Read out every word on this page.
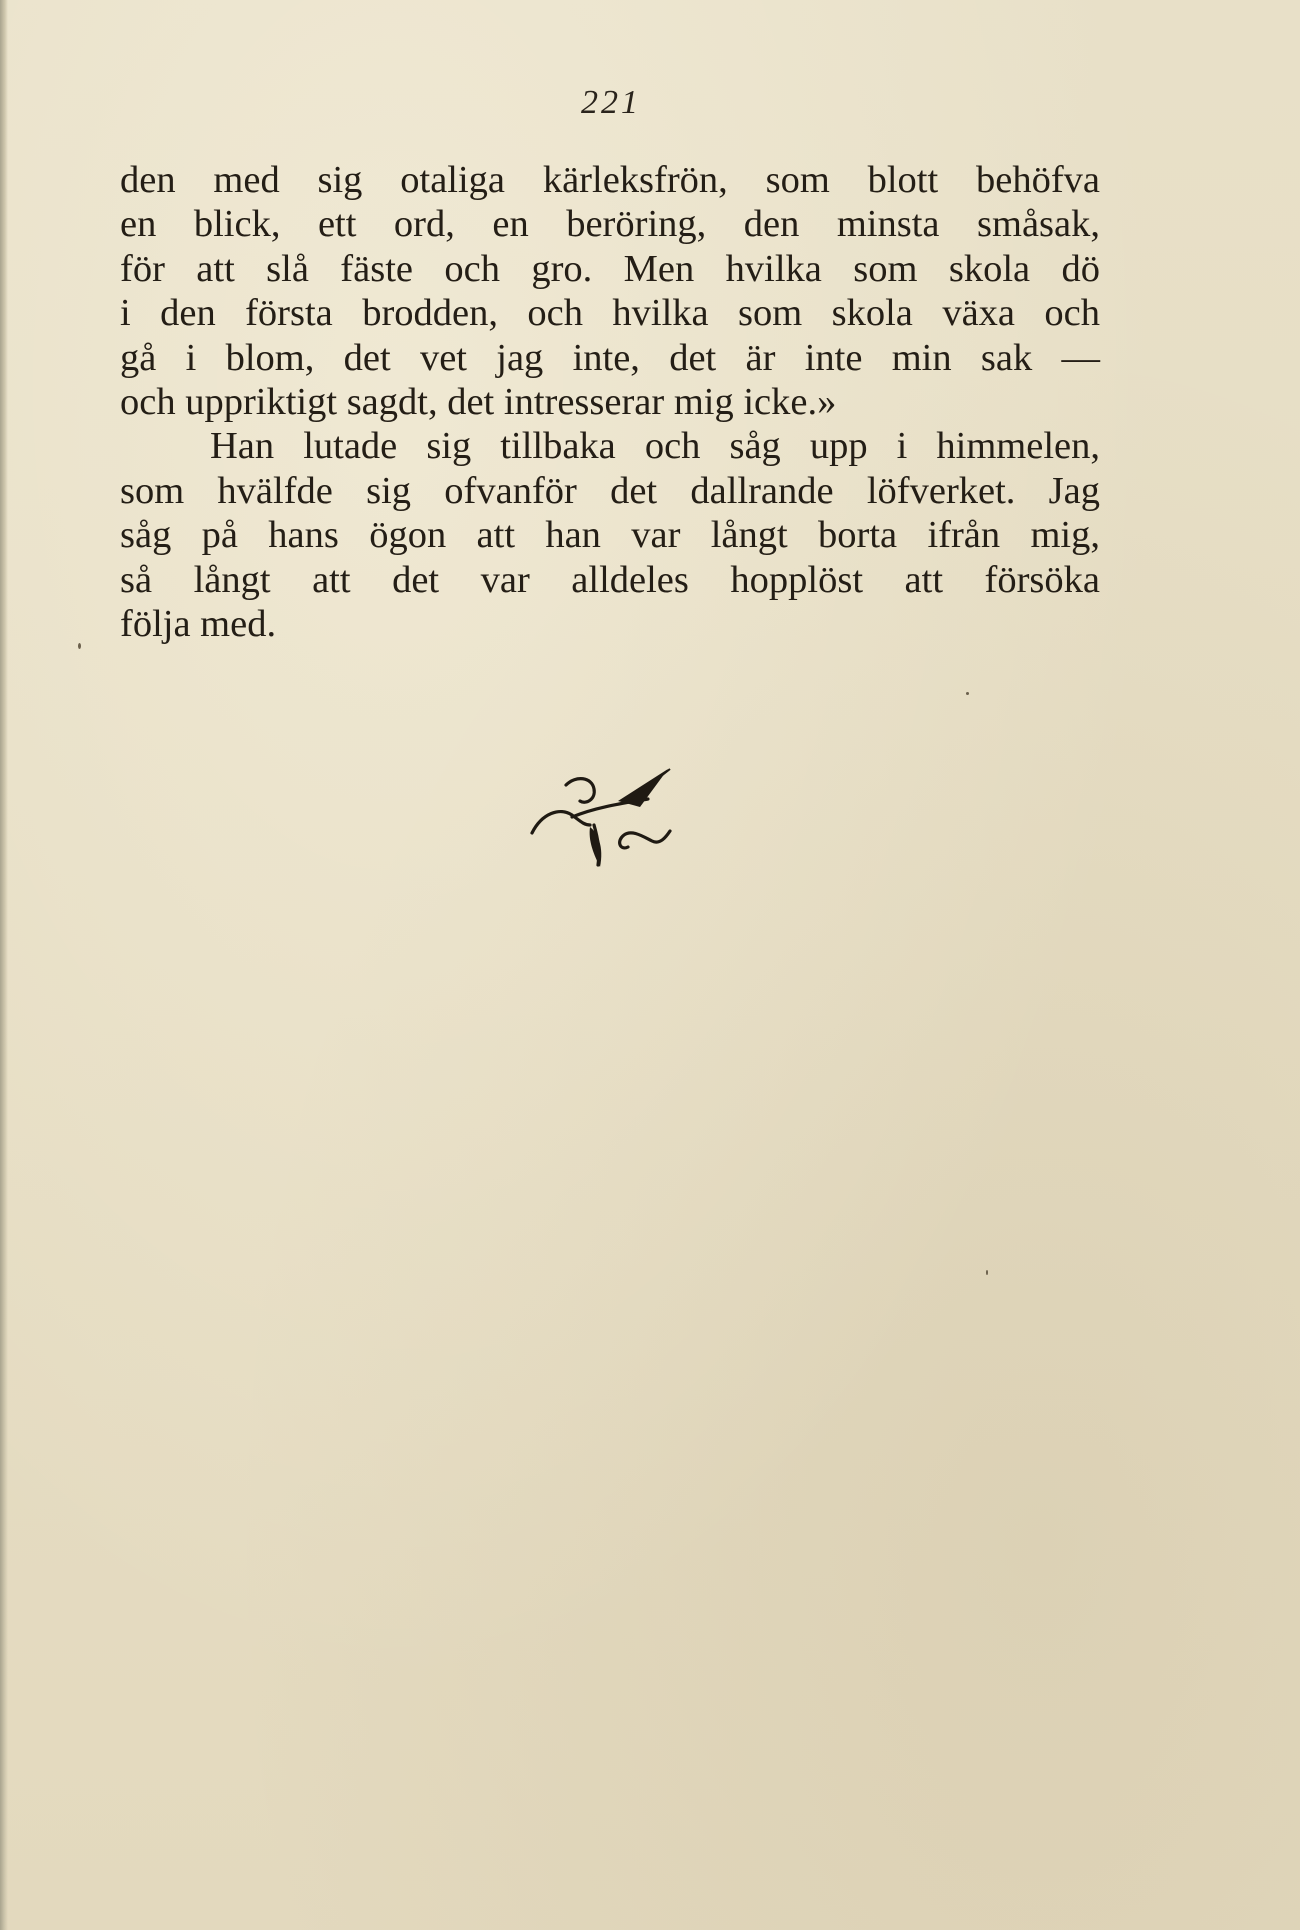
221
den med sig otaliga kärleksfrön, som blott behöfva
en blick, ett ord, en beröring, den minsta småsak,
för att slå fäste och gro. Men hvilka som skola dö
i den första brodden, och hvilka som skola växa och
gå i blom, det vet jag inte, det är inte min sak —
och uppriktigt sagdt, det intresserar mig icke.»
Han lutade sig tillbaka och såg upp i himmelen,
som hvälfde sig ofvanför det dallrande löfverket. Jag
såg på hans ögon att han var långt borta ifrån mig,
så långt att det var alldeles hopplöst att försöka
följa med.
